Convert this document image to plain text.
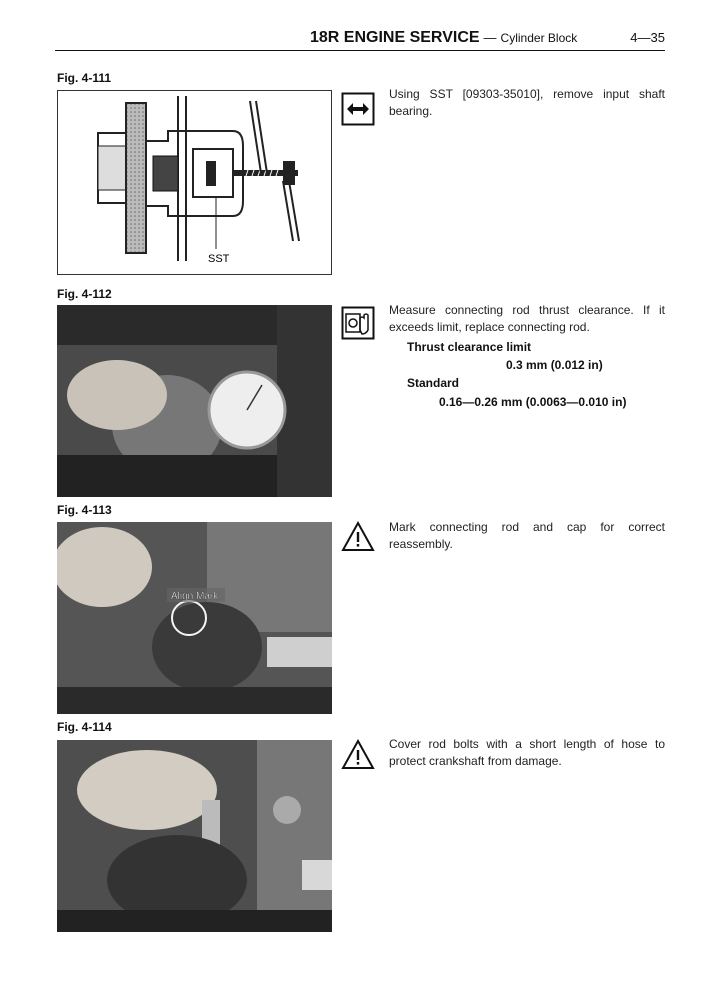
18R ENGINE SERVICE — Cylinder Block	4—35
Fig. 4-111
SST
Using SST [09303-35010], remove input shaft bearing.
Fig. 4-112
Measure connecting rod thrust clearance. If it exceeds limit, replace connecting rod.
Thrust clearance limit
0.3 mm (0.012 in)
Standard
0.16—0.26 mm (0.0063—0.010 in)
Fig. 4-113
Align Mark
Mark connecting rod and cap for correct reassembly.
Fig. 4-114
Cover rod bolts with a short length of hose to protect crankshaft from damage.
